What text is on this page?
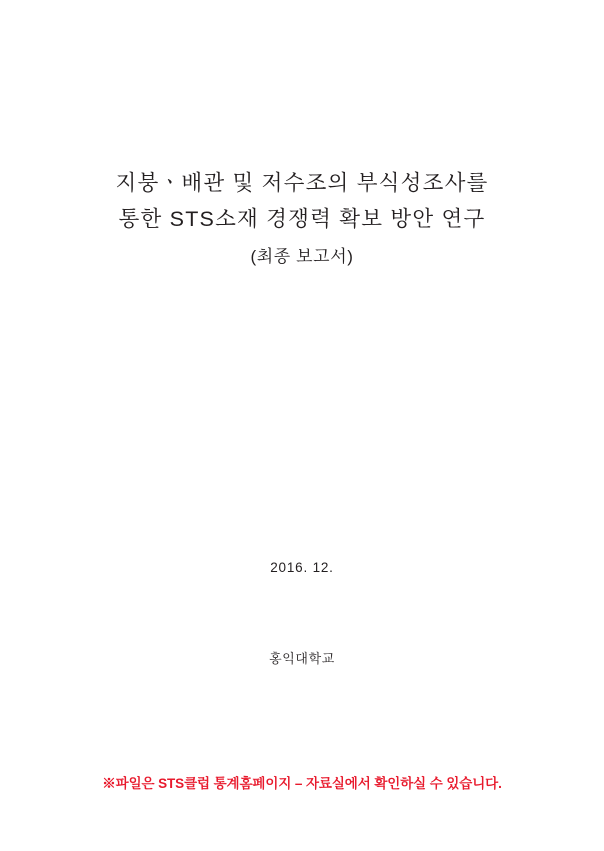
지붕ㆍ배관 및 저수조의 부식성조사를
통한 STS소재 경쟁력 확보 방안 연구
(최종 보고서)
2016. 12.
홍익대학교
※파일은 STS클럽 통계홈페이지 – 자료실에서 확인하실 수 있습니다.
